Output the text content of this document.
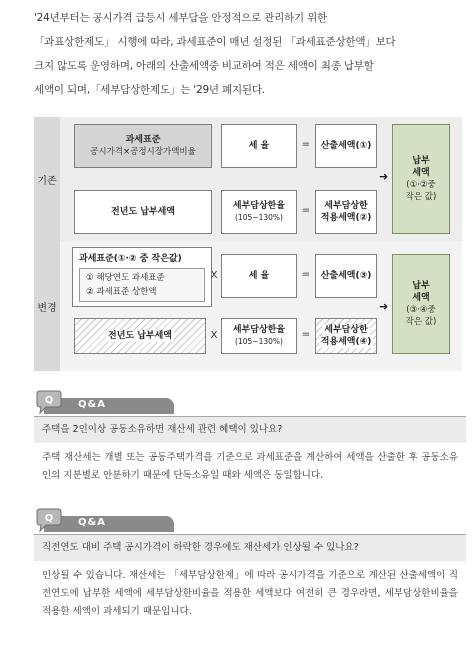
'24년부터는 공시가격 급등시 세부담을 안정적으로 관리하기 위한

「과표상한제도」 시행에 따라, 과세표준이 매년 설정된 「과세표준상한액」보다

크지 않도록 운영하며, 아래의 산출세액중 비교하여 적은 세액이 최종 납부할

세액이 되며,「세부담상한제도」는 '29년 폐지된다.

기존
과세표준
공시가격×공정시장가액비율
세 율	=	산출세액(①)
전년도 납부세액
세부담상한율
(105~130%)
=	세부담상한
적용세액(②)
➜
납부
세액
(①·②중
작은 값)
변경
과세표준(①·② 중 작은값)
① 해당연도 과세표준
② 과세표준 상한액
X	세 율	=	산출세액(③)
전년도 납부세액	X	세부담상한율
(105~130%)
=	세부담상한
적용세액(④)
➜
납부
세액
(③·④중
작은 값)
Q&A
Q
주택을 2인이상 공동소유하면 재산세 관련 혜택이 있나요?
주택 재산세는 개별 또는 공동주택가격을 기준으로 과세표준을 계산하여 세액을 산출한 후 공동소유인의 지분별로 안분하기 때문에 단독소유일 때와 세액은 동일합니다.
Q&A
Q
직전연도 대비 주택 공시가격이 하락한 경우에도 재산세가 인상될 수 있나요?
인상될 수 있습니다. 재산세는 「세부담상한제」에 따라 공시가격을 기준으로 계산된 산출세액이 직전연도에 납부한 세액에 세부담상한비율을 적용한 세액보다 여전히 큰 경우라면, 세부담상한비율을 적용한 세액이 과세되기 때문입니다.
